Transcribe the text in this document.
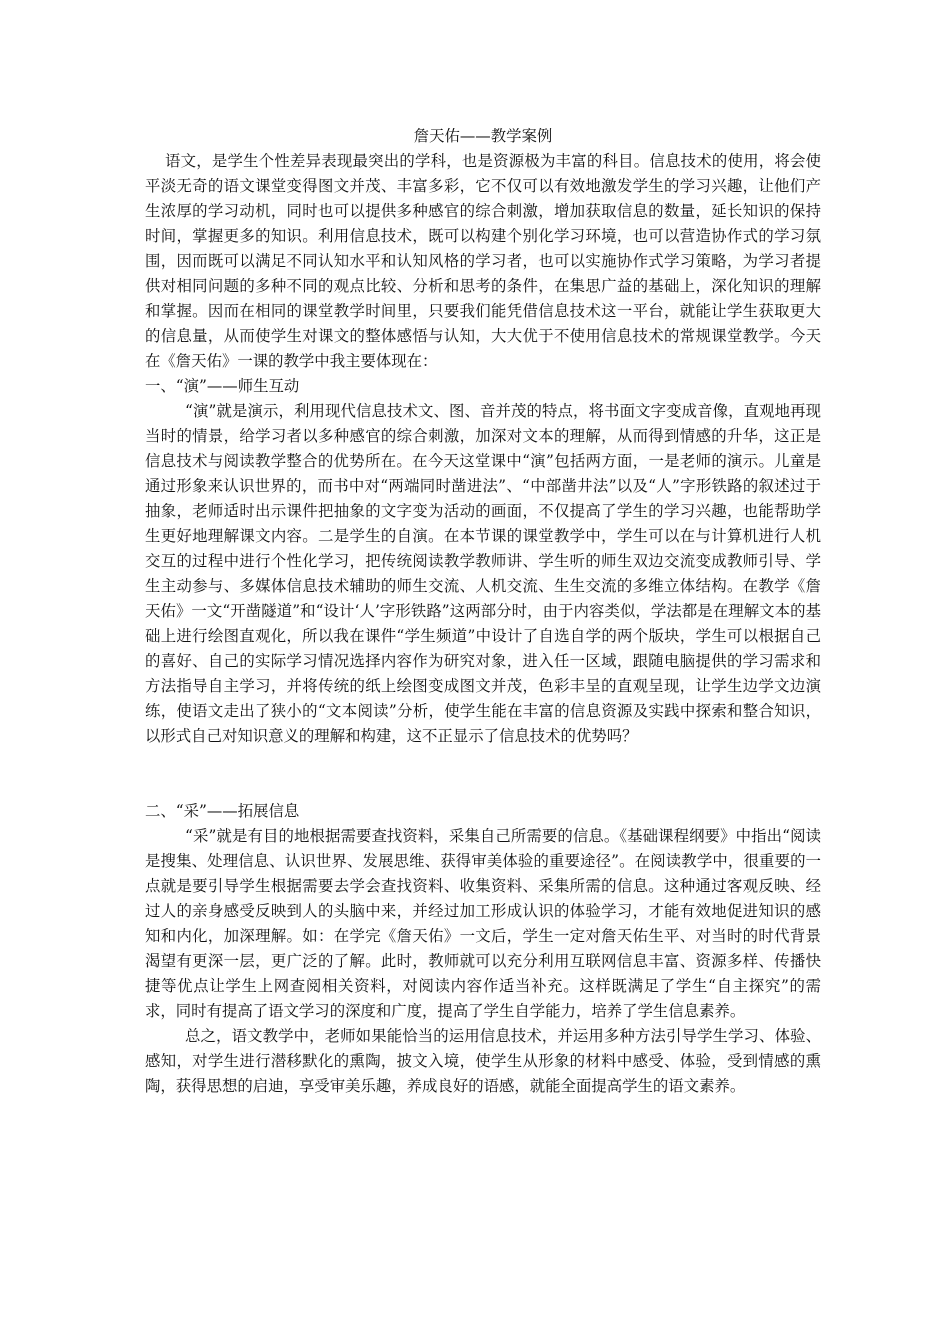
詹天佑——教学案例

语文，是学生个性差异表现最突出的学科，也是资源极为丰富的科目。信息技术的使用，将会使平淡无奇的语文课堂变得图文并茂、丰富多彩，它不仅可以有效地激发学生的学习兴趣，让他们产生浓厚的学习动机，同时也可以提供多种感官的综合刺激，增加获取信息的数量，延长知识的保持时间，掌握更多的知识。利用信息技术，既可以构建个别化学习环境，也可以营造协作式的学习氛围，因而既可以满足不同认知水平和认知风格的学习者，也可以实施协作式学习策略，为学习者提供对相同问题的多种不同的观点比较、分析和思考的条件，在集思广益的基础上，深化知识的理解和掌握。因而在相同的课堂教学时间里，只要我们能凭借信息技术这一平台，就能让学生获取更大的信息量，从而使学生对课文的整体感悟与认知，大大优于不使用信息技术的常规课堂教学。今天在《詹天佑》一课的教学中我主要体现在：

一、“演”——师生互动

“演”就是演示，利用现代信息技术文、图、音并茂的特点，将书面文字变成音像，直观地再现当时的情景，给学习者以多种感官的综合刺激，加深对文本的理解，从而得到情感的升华，这正是信息技术与阅读教学整合的优势所在。在今天这堂课中“演”包括两方面，一是老师的演示。儿童是通过形象来认识世界的，而书中对“两端同时凿进法”、“中部凿井法”以及“人”字形铁路的叙述过于抽象，老师适时出示课件把抽象的文字变为活动的画面，不仅提高了学生的学习兴趣，也能帮助学生更好地理解课文内容。二是学生的自演。在本节课的课堂教学中，学生可以在与计算机进行人机交互的过程中进行个性化学习，把传统阅读教学教师讲、学生听的师生双边交流变成教师引导、学生主动参与、多媒体信息技术辅助的师生交流、人机交流、生生交流的多维立体结构。在教学《詹天佑》一文“开凿隧道”和“设计‘人’字形铁路”这两部分时，由于内容类似，学法都是在理解文本的基础上进行绘图直观化，所以我在课件“学生频道”中设计了自选自学的两个版块，学生可以根据自己的喜好、自己的实际学习情况选择内容作为研究对象，进入任一区域，跟随电脑提供的学习需求和方法指导自主学习，并将传统的纸上绘图变成图文并茂，色彩丰呈的直观呈现，让学生边学文边演练，使语文走出了狭小的“文本阅读”分析，使学生能在丰富的信息资源及实践中探索和整合知识，以形式自己对知识意义的理解和构建，这不正显示了信息技术的优势吗？

二、“采”——拓展信息

“采”就是有目的地根据需要查找资料，采集自己所需要的信息。《基础课程纲要》中指出“阅读是搜集、处理信息、认识世界、发展思维、获得审美体验的重要途径”。在阅读教学中，很重要的一点就是要引导学生根据需要去学会查找资料、收集资料、采集所需的信息。这种通过客观反映、经过人的亲身感受反映到人的头脑中来，并经过加工形成认识的体验学习，才能有效地促进知识的感知和内化，加深理解。如：在学完《詹天佑》一文后，学生一定对詹天佑生平、对当时的时代背景渴望有更深一层，更广泛的了解。此时，教师就可以充分利用互联网信息丰富、资源多样、传播快捷等优点让学生上网查阅相关资料，对阅读内容作适当补充。这样既满足了学生“自主探究”的需求，同时有提高了语文学习的深度和广度，提高了学生自学能力，培养了学生信息素养。

总之，语文教学中，老师如果能恰当的运用信息技术，并运用多种方法引导学生学习、体验、感知，对学生进行潜移默化的熏陶，披文入境，使学生从形象的材料中感受、体验，受到情感的熏陶，获得思想的启迪，享受审美乐趣，养成良好的语感，就能全面提高学生的语文素养。
